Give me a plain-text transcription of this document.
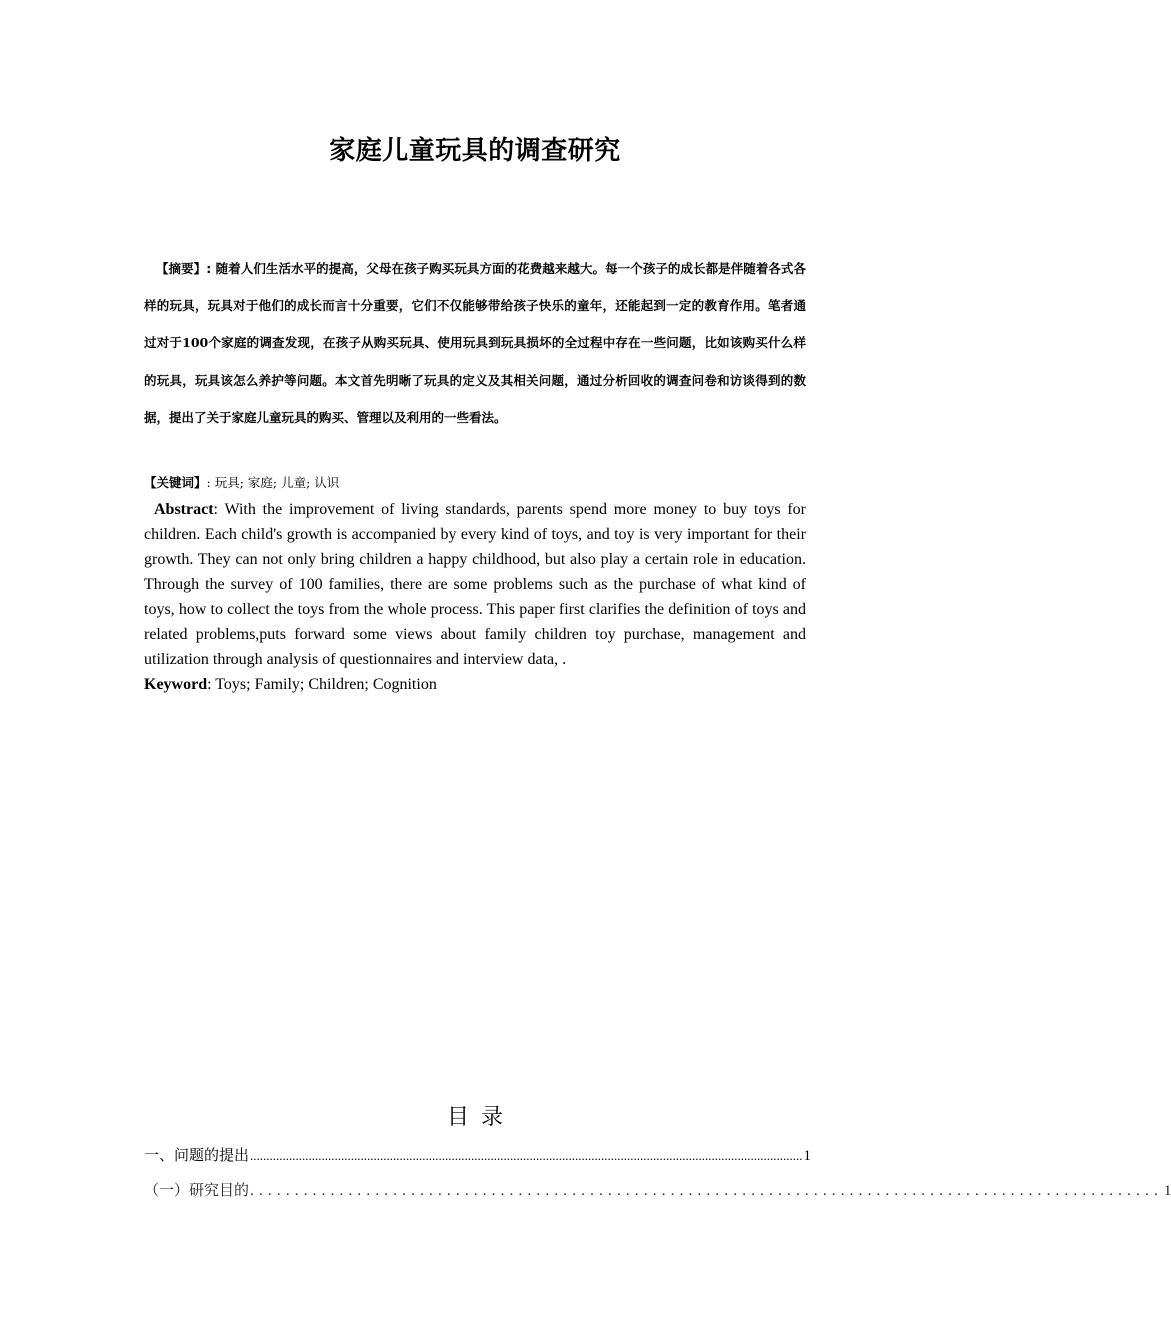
家庭儿童玩具的调查研究

【摘要】: 随着人们生活水平的提高，父母在孩子购买玩具方面的花费越来越大。每一个孩子的成长都是伴随着各式各样的玩具，玩具对于他们的成长而言十分重要，它们不仅能够带给孩子快乐的童年，还能起到一定的教育作用。笔者通过对于100个家庭的调查发现，在孩子从购买玩具、使用玩具到玩具损坏的全过程中存在一些问题，比如该购买什么样的玩具，玩具该怎么养护等问题。本文首先明晰了玩具的定义及其相关问题，通过分析回收的调查问卷和访谈得到的数据，提出了关于家庭儿童玩具的购买、管理以及利用的一些看法。

【关键词】: 玩具; 家庭; 儿童; 认识

Abstract: With the improvement of living standards, parents spend more money to buy toys for children. Each child's growth is accompanied by every kind of toys, and toy is very important for their growth. They can not only bring children a happy childhood, but also play a certain role in education. Through the survey of 100 families, there are some problems such as the purchase of what kind of toys, how to collect the toys from the whole process. This paper first clarifies the definition of toys and related problems,puts forward some views about family children toy purchase, management and utilization through analysis of questionnaires and interview data, .

Keyword: Toys; Family; Children; Cognition

目录
一、问题的提出 .......................................................................................................................................................................... 1
（一）研究目的 ...................................................................................................... 1
